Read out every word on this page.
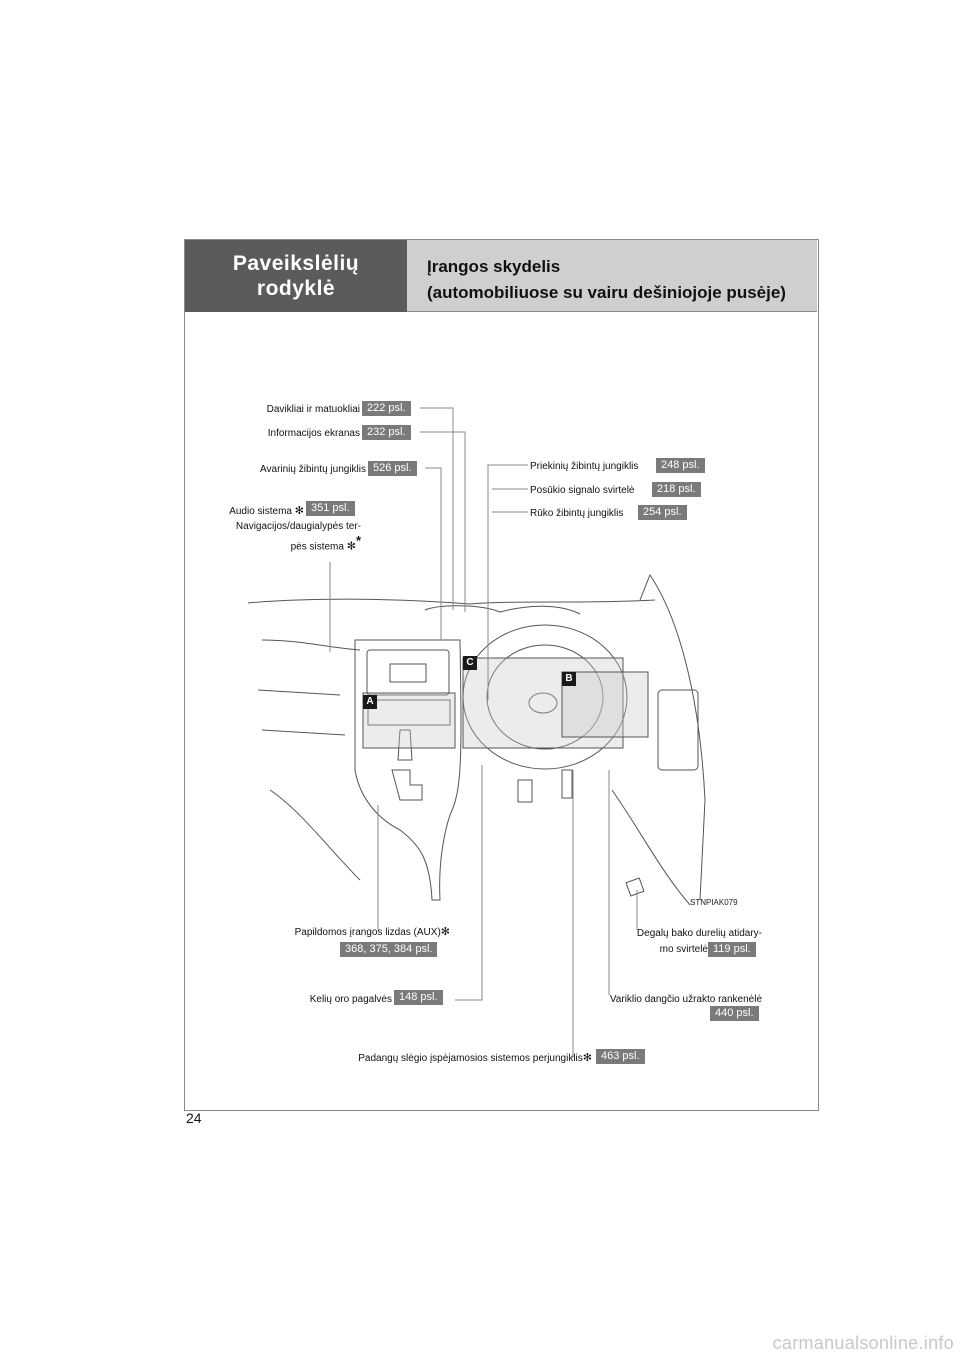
Paveikslėlių
rodyklė
Įrangos skydelis
(automobiliuose su vairu dešiniojoje pusėje)
A
C
B
Davikliai ir matuokliai 222 psl.
Informacijos ekranas 232 psl.
Avarinių žibintų jungiklis 526 psl.
Audio sistema ✻ 351 psl.
Navigacijos/daugialypės ter-
pės sistema ✻*
Priekinių žibintų jungiklis	248 psl.
Posūkio signalo svirtelė	218 psl.
Rūko žibintų jungiklis	254 psl.
STNPIAK079
Papildomos įrangos lizdas (AUX)✻
368, 375, 384 psl.
Kelių oro pagalvės 148 psl.
Padangų slėgio įspėjamosios sistemos perjungiklis✻ 463 psl.
Degalų bako durelių atidary-
mo svirtelė 119 psl.
Variklio dangčio užrakto rankenėlė
440 psl.
24
carmanualsonline.info
